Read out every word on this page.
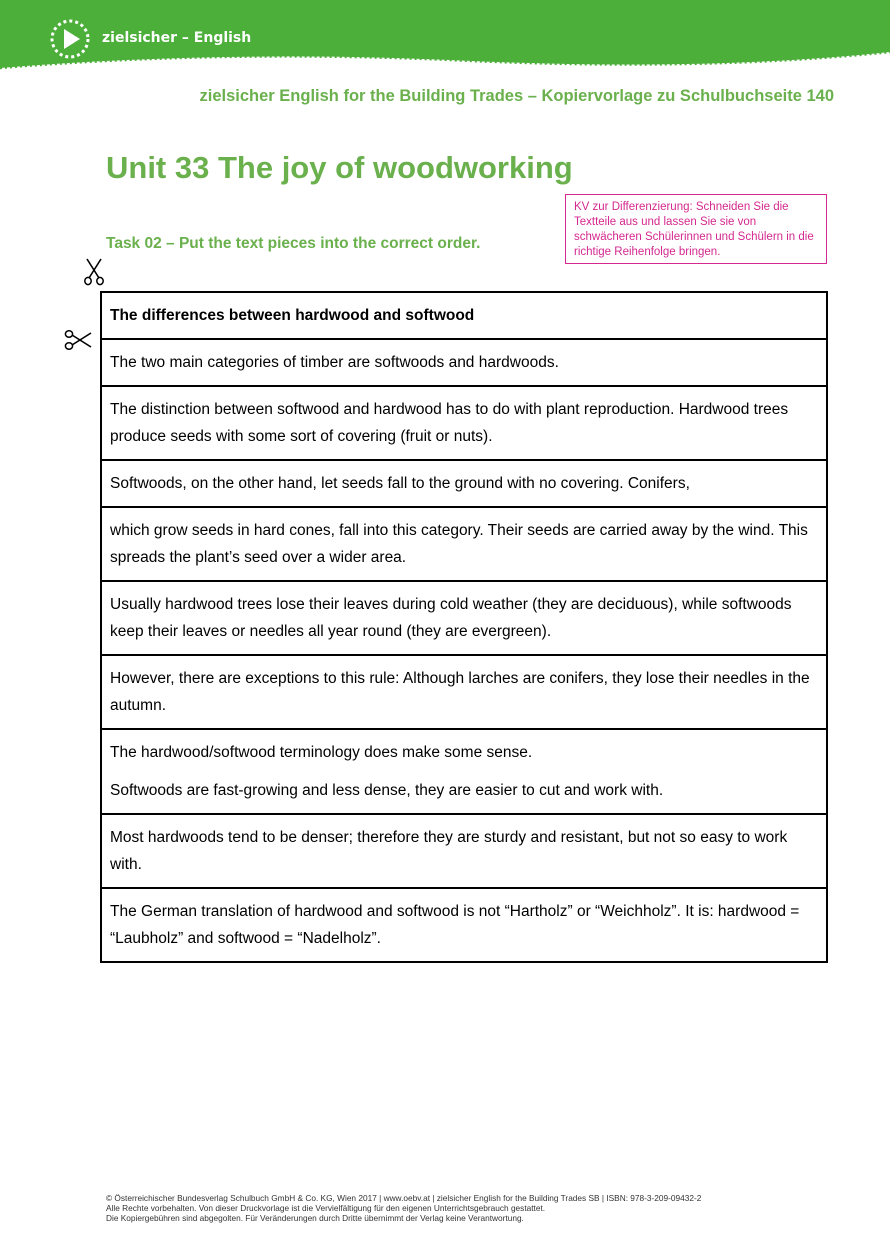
zielsicher – English
zielsicher English for the Building Trades – Kopiervorlage zu Schulbuchseite 140
Unit 33 The joy of woodworking
KV zur Differenzierung: Schneiden Sie die Textteile aus und lassen Sie sie von schwächeren Schülerinnen und Schülern in die richtige Reihenfolge bringen.
Task 02 – Put the text pieces into the correct order.
The differences between hardwood and softwood
The two main categories of timber are softwoods and hardwoods.
The distinction between softwood and hardwood has to do with plant reproduction. Hardwood trees produce seeds with some sort of covering (fruit or nuts).
Softwoods, on the other hand, let seeds fall to the ground with no covering. Conifers,
which grow seeds in hard cones, fall into this category. Their seeds are carried away by the wind. This spreads the plant’s seed over a wider area.
Usually hardwood trees lose their leaves during cold weather (they are deciduous), while softwoods keep their leaves or needles all year round (they are evergreen).
However, there are exceptions to this rule: Although larches are conifers, they lose their needles in the autumn.

The hardwood/softwood terminology does make some sense.

Softwoods are fast-growing and less dense, they are easier to cut and work with.

Most hardwoods tend to be denser; therefore they are sturdy and resistant, but not so easy to work with.
The German translation of hardwood and softwood is not “Hartholz” or “Weichholz”. It is: hardwood = “Laubholz” and softwood = “Nadelholz”.
© Österreichischer Bundesverlag Schulbuch GmbH & Co. KG, Wien 2017 | www.oebv.at | zielsicher English for the Building Trades SB | ISBN: 978-3-209-09432-2
Alle Rechte vorbehalten. Von dieser Druckvorlage ist die Vervielfältigung für den eigenen Unterrichtsgebrauch gestattet.
Die Kopiergebühren sind abgegolten. Für Veränderungen durch Dritte übernimmt der Verlag keine Verantwortung.
